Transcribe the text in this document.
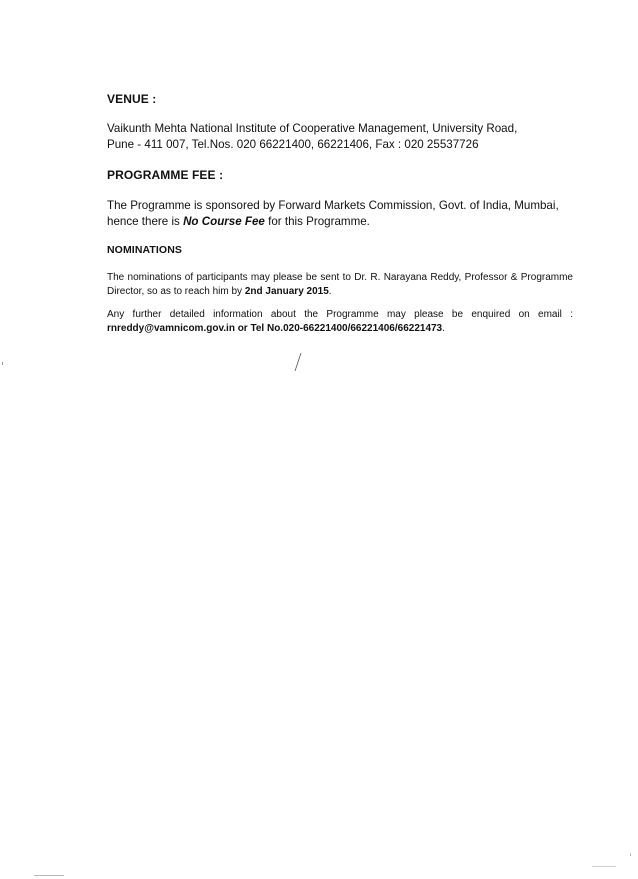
VENUE :

Vaikunth Mehta National Institute of Cooperative Management, University Road,
Pune - 411 007, Tel.Nos. 020 66221400, 66221406, Fax : 020 25537726

PROGRAMME FEE :

The Programme is sponsored by Forward Markets Commission, Govt. of India, Mumbai,
hence there is No Course Fee for this Programme.

NOMINATIONS

The nominations of participants may please be sent to Dr. R. Narayana Reddy, Professor & Programme Director, so as to reach him by 2nd January 2015.

Any further detailed information about the Programme may please be enquired on email : rnreddy@vamnicom.gov.in or Tel No.020-66221400/66221406/66221473.
